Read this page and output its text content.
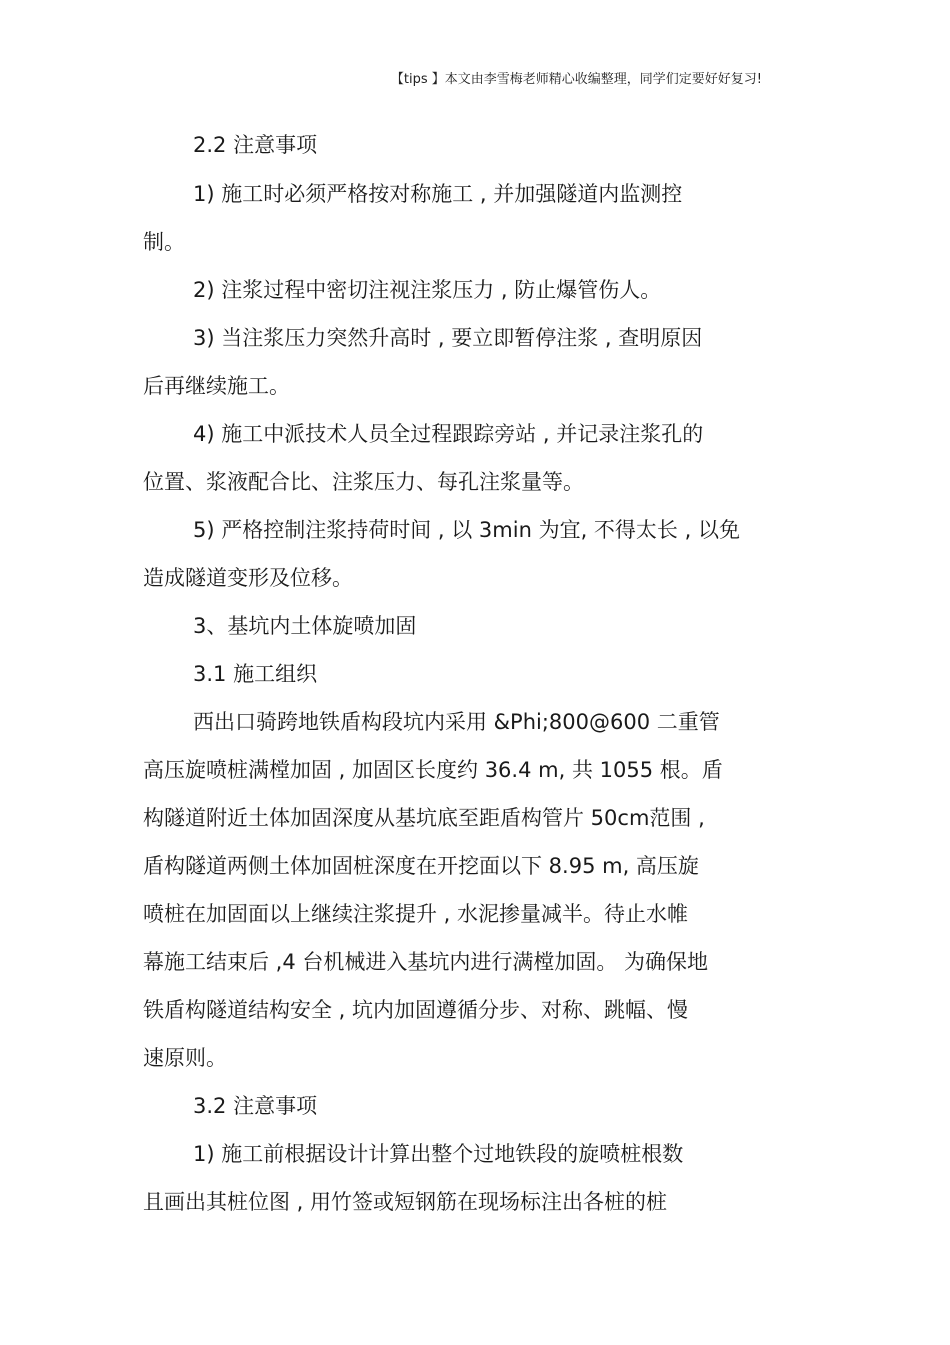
【tips 】本文由李雪梅老师精心收编整理，同学们定要好好复习!
2.2 注意事项
1) 施工时必须严格按对称施工 , 并加强隧道内监测控
制。
2) 注浆过程中密切注视注浆压力 , 防止爆管伤人。
3) 当注浆压力突然升高时 , 要立即暂停注浆 , 查明原因
后再继续施工。
4) 施工中派技术人员全过程跟踪旁站 , 并记录注浆孔的
位置、浆液配合比、注浆压力、每孔注浆量等。
5) 严格控制注浆持荷时间 , 以 3min 为宜, 不得太长 , 以免
造成隧道变形及位移。
3、基坑内土体旋喷加固
3.1 施工组织
西出口骑跨地铁盾构段坑内采用 &Phi;800@600 二重管
高压旋喷桩满樘加固 , 加固区长度约 36.4 m, 共 1055 根。盾
构隧道附近土体加固深度从基坑底至距盾构管片 50cm范围 ,
盾构隧道两侧土体加固桩深度在开挖面以下 8.95 m, 高压旋
喷桩在加固面以上继续注浆提升 , 水泥掺量减半。待止水帷
幕施工结束后 ,4 台机械进入基坑内进行满樘加固。 为确保地
铁盾构隧道结构安全 , 坑内加固遵循分步、对称、跳幅、慢
速原则。
3.2 注意事项
1) 施工前根据设计计算出整个过地铁段的旋喷桩根数
且画出其桩位图 , 用竹签或短钢筋在现场标注出各桩的桩
